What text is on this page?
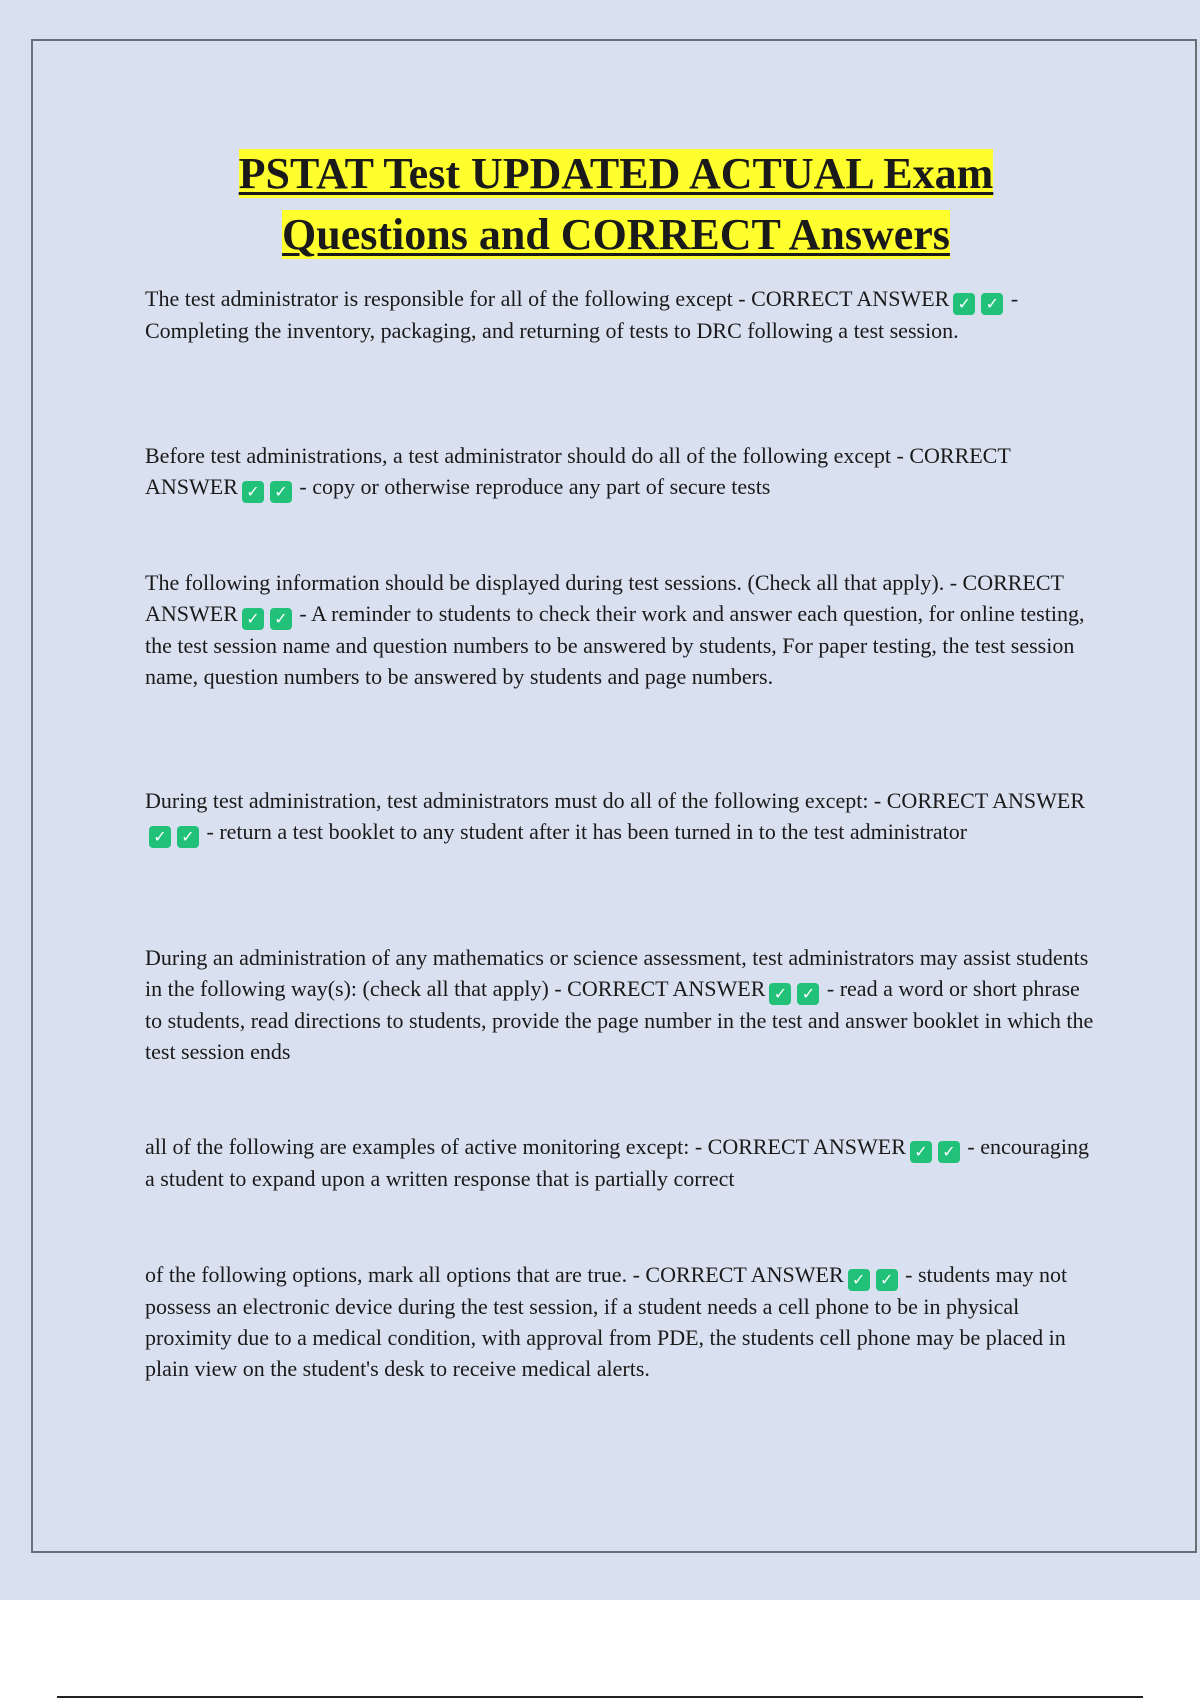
PSTAT Test UPDATED ACTUAL Exam
Questions and CORRECT Answers

The test administrator is responsible for all of the following except - CORRECT ANSWER ✓ ✓ - Completing the inventory, packaging, and returning of tests to DRC following a test session.

Before test administrations, a test administrator should do all of the following except - CORRECT ANSWER ✓ ✓ - copy or otherwise reproduce any part of secure tests

The following information should be displayed during test sessions. (Check all that apply). - CORRECT ANSWER ✓ ✓ - A reminder to students to check their work and answer each question, for online testing, the test session name and question numbers to be answered by students, For paper testing, the test session name, question numbers to be answered by students and page numbers.

During test administration, test administrators must do all of the following except: - CORRECT ANSWER✓ ✓ - return a test booklet to any student after it has been turned in to the test administrator

During an administration of any mathematics or science assessment, test administrators may assist students in the following way(s): (check all that apply) - CORRECT ANSWER ✓ ✓ - read a word or short phrase to students, read directions to students, provide the page number in the test and answer booklet in which the test session ends

all of the following are examples of active monitoring except: - CORRECT ANSWER ✓ ✓ - encouraging a student to expand upon a written response that is partially correct

of the following options, mark all options that are true. - CORRECT ANSWER ✓ ✓ - students may not possess an electronic device during the test session, if a student needs a cell phone to be in physical proximity due to a medical condition, with approval from PDE, the students cell phone may be placed in plain view on the student's desk to receive medical alerts.
